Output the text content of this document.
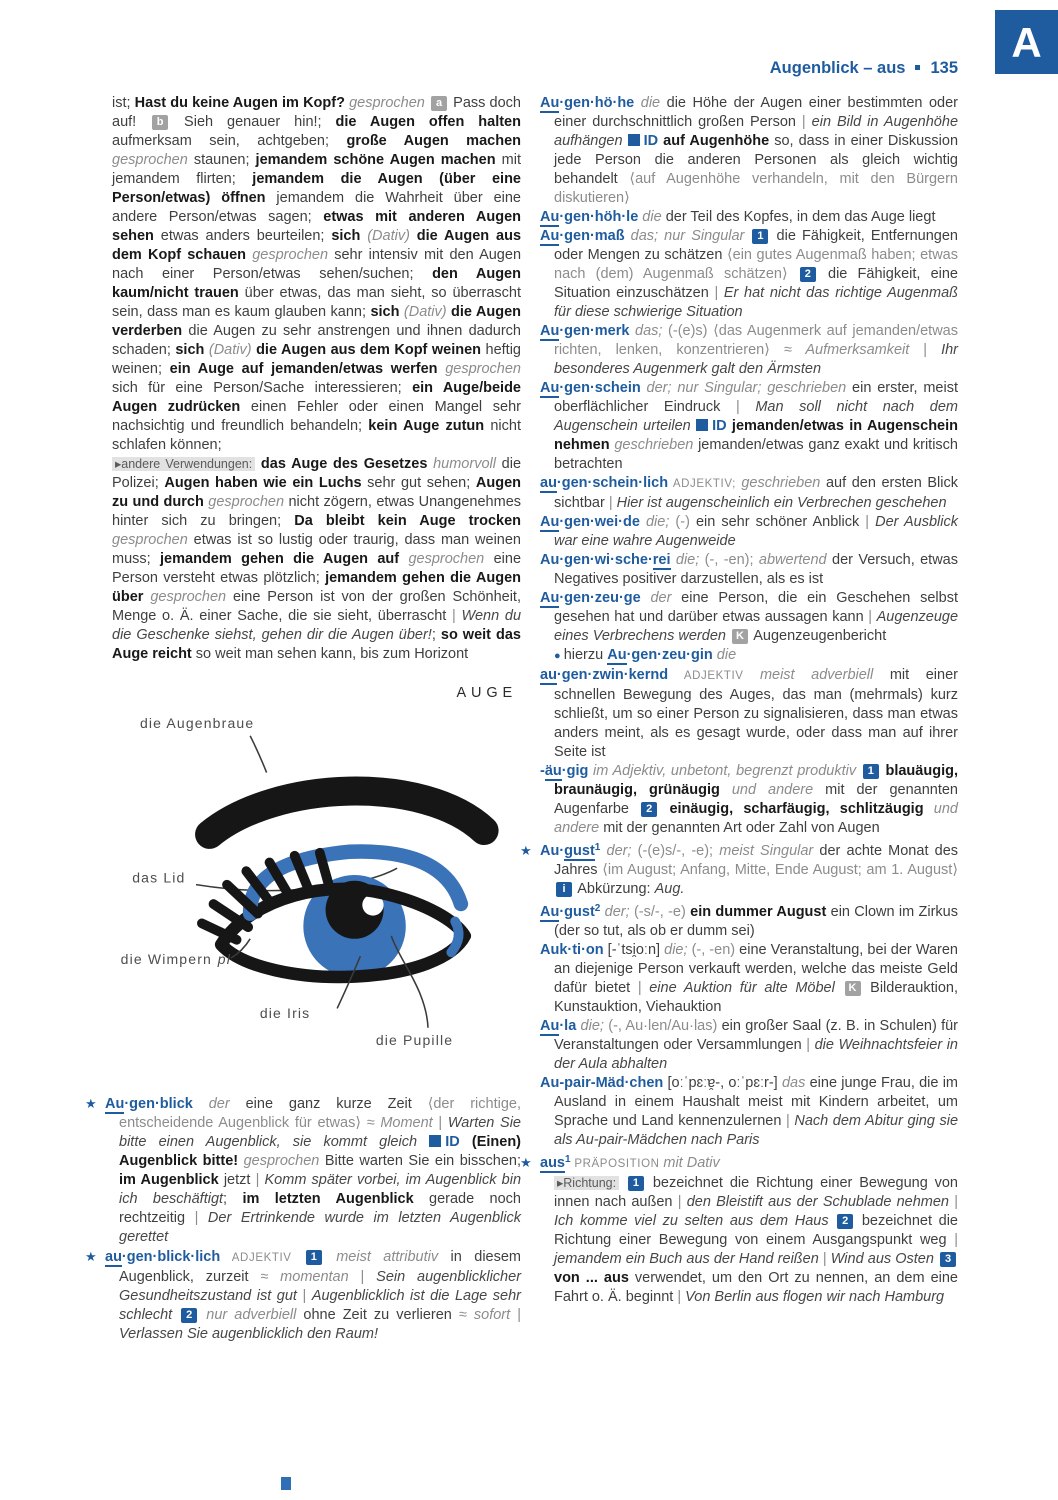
A
Augenblick – aus 135

ist; Hast du keine Augen im Kopf? gesprochen a Pass doch auf! b Sieh genauer hin!; die Augen offen halten aufmerksam sein, achtgeben; große Augen machen gesprochen staunen; jemandem schöne Augen machen mit jemandem flirten; jemandem die Augen (über eine Person/etwas) öffnen jemandem die Wahrheit über eine andere Person/etwas sagen; etwas mit anderen Augen sehen etwas anders beurteilen; sich (Dativ) die Augen aus dem Kopf schauen gesprochen sehr intensiv mit den Augen nach einer Person/etwas sehen/suchen; den Augen kaum/nicht trauen über etwas, das man sieht, so überrascht sein, dass man es kaum glauben kann; sich (Dativ) die Augen verderben die Augen zu sehr anstrengen und ihnen dadurch schaden; sich (Dativ) die Augen aus dem Kopf weinen heftig weinen; ein Auge auf jemanden/etwas werfen gesprochen sich für eine Person/Sache interessieren; ein Auge/beide Augen zudrücken einen Fehler oder einen Mangel sehr nachsichtig und freundlich behandeln; kein Auge zutun nicht schlafen können;

▸andere Verwendungen: das Auge des Gesetzes humorvoll die Polizei; Augen haben wie ein Luchs sehr gut sehen; Augen zu und durch gesprochen nicht zögern, etwas Unangenehmes hinter sich zu bringen; Da bleibt kein Auge trocken gesprochen etwas ist so lustig oder traurig, dass man weinen muss; jemandem gehen die Augen auf gesprochen eine Person versteht etwas plötzlich; jemandem gehen die Augen über gesprochen eine Person ist von der großen Schönheit, Menge o. Ä. einer Sache, die sie sieht, überrascht | Wenn du die Geschenke siehst, gehen dir die Augen über!; so weit das Auge reicht so weit man sehen kann, bis zum Horizont

AUGE
die Augenbraue
das Lid
die Wimpern pl
die Iris
die Pupille

★ Au·gen·blick der eine ganz kurze Zeit ⟨der richtige, entscheidende Augenblick für etwas⟩ ≈ Moment | Warten Sie bitte einen Augenblick, sie kommt gleich ID (Einen) Augenblick bitte! gesprochen Bitte warten Sie ein bisschen; im Augenblick jetzt | Komm später vorbei, im Augenblick bin ich beschäftigt; im letzten Augenblick gerade noch rechtzeitig | Der Ertrinkende wurde im letzten Augenblick gerettet

★ au·gen·blick·lich ADJEKTIV 1 meist attributiv in diesem Augenblick, zurzeit ≈ momentan | Sein augenblicklicher Gesundheitszustand ist gut | Augenblicklich ist die Lage sehr schlecht 2 nur adverbiell ohne Zeit zu verlieren ≈ sofort | Verlassen Sie augenblicklich den Raum!

Au·gen·hö·he die die Höhe der Augen einer bestimmten oder einer durchschnittlich großen Person | ein Bild in Augenhöhe aufhängen ID auf Augenhöhe so, dass in einer Diskussion jede Person die anderen Personen als gleich wichtig behandelt ⟨auf Augenhöhe verhandeln, mit den Bürgern diskutieren⟩

Au·gen·höh·le die der Teil des Kopfes, in dem das Auge liegt

Au·gen·maß das; nur Singular 1 die Fähigkeit, Entfernungen oder Mengen zu schätzen ⟨ein gutes Augenmaß haben; etwas nach (dem) Augenmaß schätzen⟩ 2 die Fähigkeit, eine Situation einzuschätzen | Er hat nicht das richtige Augenmaß für diese schwierige Situation

Au·gen·merk das; (-(e)s) ⟨das Augenmerk auf jemanden/etwas richten, lenken, konzentrieren⟩ ≈ Aufmerksamkeit | Ihr besonderes Augenmerk galt den Ärmsten

Au·gen·schein der; nur Singular; geschrieben ein erster, meist oberflächlicher Eindruck | Man soll nicht nach dem Augenschein urteilen ID jemanden/etwas in Augenschein nehmen geschrieben jemanden/etwas ganz exakt und kritisch betrachten

au·gen·schein·lich ADJEKTIV; geschrieben auf den ersten Blick sichtbar | Hier ist augenscheinlich ein Verbrechen geschehen

Au·gen·wei·de die; (-) ein sehr schöner Anblick | Der Ausblick war eine wahre Augenweide

Au·gen·wi·sche·rei die; (-, -en); abwertend der Versuch, etwas Negatives positiver darzustellen, als es ist

Au·gen·zeu·ge der eine Person, die ein Geschehen selbst gesehen hat und darüber etwas aussagen kann | Augenzeuge eines Verbrechens werden K Augenzeugenbericht
● hierzu Au·gen·zeu·gin die

au·gen·zwin·kernd ADJEKTIV meist adverbiell mit einer schnellen Bewegung des Auges, das man (mehrmals) kurz schließt, um so einer Person zu signalisieren, dass man etwas anders meint, als es gesagt wurde, oder dass man auf ihrer Seite ist

-äu·gig im Adjektiv, unbetont, begrenzt produktiv 1 blauäugig, braunäugig, grünäugig und andere mit der genannten Augenfarbe 2 einäugig, scharfäugig, schlitzäugig und andere mit der genannten Art oder Zahl von Augen

★ Au·gust$^1$ der; (-(e)s/-, -e); meist Singular der achte Monat des Jahres ⟨im August; Anfang, Mitte, Ende August; am 1. August⟩ i Abkürzung: Aug.

Au·gust$^2$ der; (-s/-, -e) ein dummer August ein Clown im Zirkus (der so tut, als ob er dumm sei)

Auk·ti·on [-ˈtsi̯oːn] die; (-, -en) eine Veranstaltung, bei der Waren an diejenige Person verkauft werden, welche das meiste Geld dafür bietet | eine Auktion für alte Möbel K Bilderauktion, Kunstauktion, Viehauktion

Au·la die; (-, Au·len/Au·las) ein großer Saal (z. B. in Schulen) für Veranstaltungen oder Versammlungen | die Weihnachtsfeier in der Aula abhalten

Au-pair-Mäd·chen [oːˈpɛːɐ̯-, oːˈpɛːr-] das eine junge Frau, die im Ausland in einem Haushalt meist mit Kindern arbeitet, um Sprache und Land kennenzulernen | Nach dem Abitur ging sie als Au-pair-Mädchen nach Paris

★ aus$^1$ PRÄPOSITION mit Dativ
▸Richtung: 1 bezeichnet die Richtung einer Bewegung von innen nach außen | den Bleistift aus der Schublade nehmen | Ich komme viel zu selten aus dem Haus 2 bezeichnet die Richtung einer Bewegung von einem Ausgangspunkt weg | jemandem ein Buch aus der Hand reißen | Wind aus Osten 3 von ... aus verwendet, um den Ort zu nennen, an dem eine Fahrt o. Ä. beginnt | Von Berlin aus flogen wir nach Hamburg
